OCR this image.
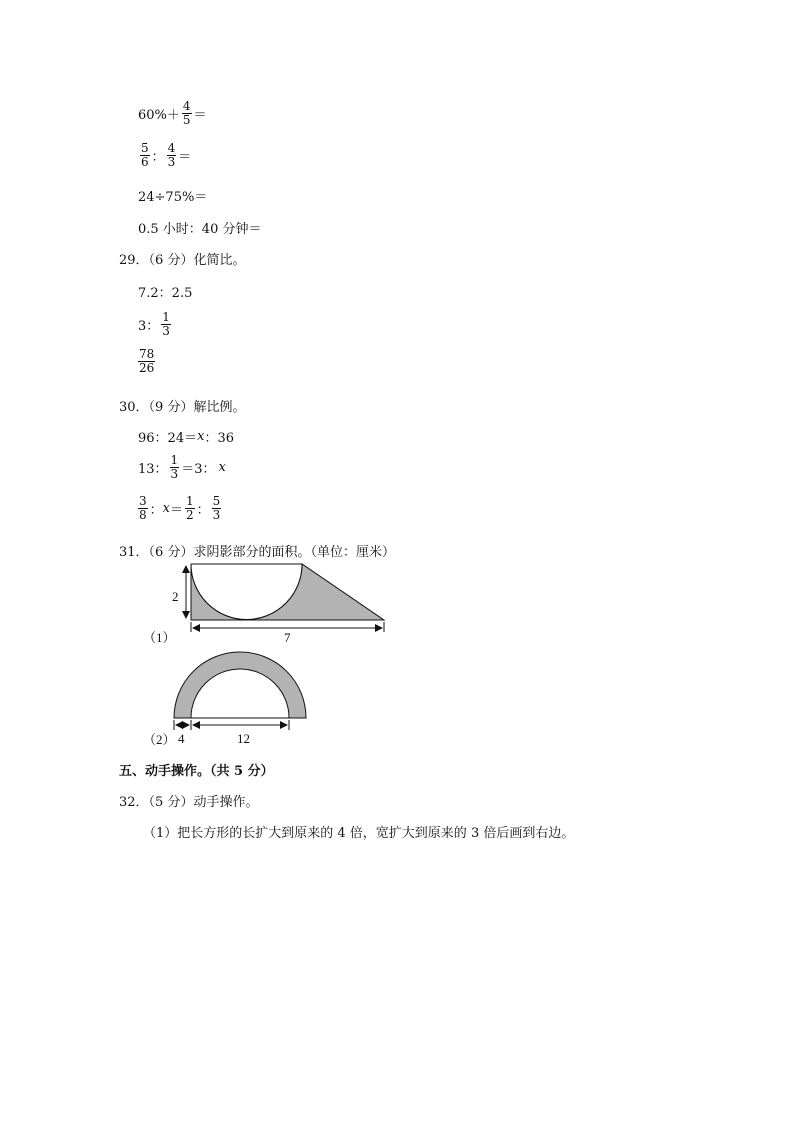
$60\%+ \frac{4}{5}$ ＝
$\frac{5}{6}$ ： $\frac{4}{3}$ ＝
24÷75%＝
0.5 小时：40 分钟＝
29．（6 分）化简比。
7.2：2.5
3： $\frac{1}{3}$
$\frac{78}{26}$
30．（9 分）解比例。
96：24＝ x ：36
13： $\frac{1}{3} =3$： x
$\frac{3}{8}$ ： $x = \frac{1}{2}$ ： $\frac{5}{3}$
31．（6 分）求阴影部分的面积。（单位：厘米）
2
7
（1）
4	12
（2）
五、动手操作。（共 5 分）
32．（5 分）动手操作。
（1）把长方形的长扩大到原来的 4 倍，宽扩大到原来的 3 倍后画到右边。
